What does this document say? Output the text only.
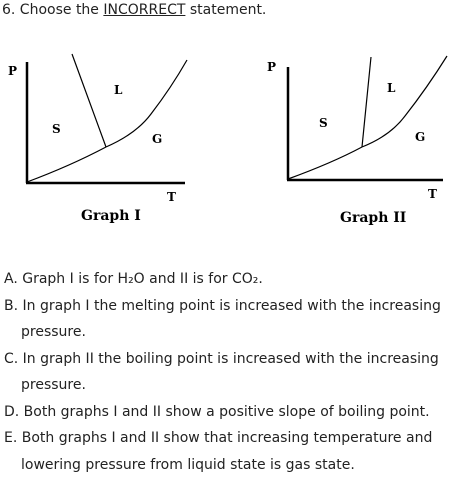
6. Choose the INCORRECT statement.
P
T
S
L
G
Graph I
P
T
S
L
G
Graph II
A. Graph I is for H₂O and II is for CO₂.
B. In graph I the melting point is increased with the increasing
pressure.
C. In graph II the boiling point is increased with the increasing
pressure.
D. Both graphs I and II show a positive slope of boiling point.
E. Both graphs I and II show that increasing temperature and
lowering pressure from liquid state is gas state.
